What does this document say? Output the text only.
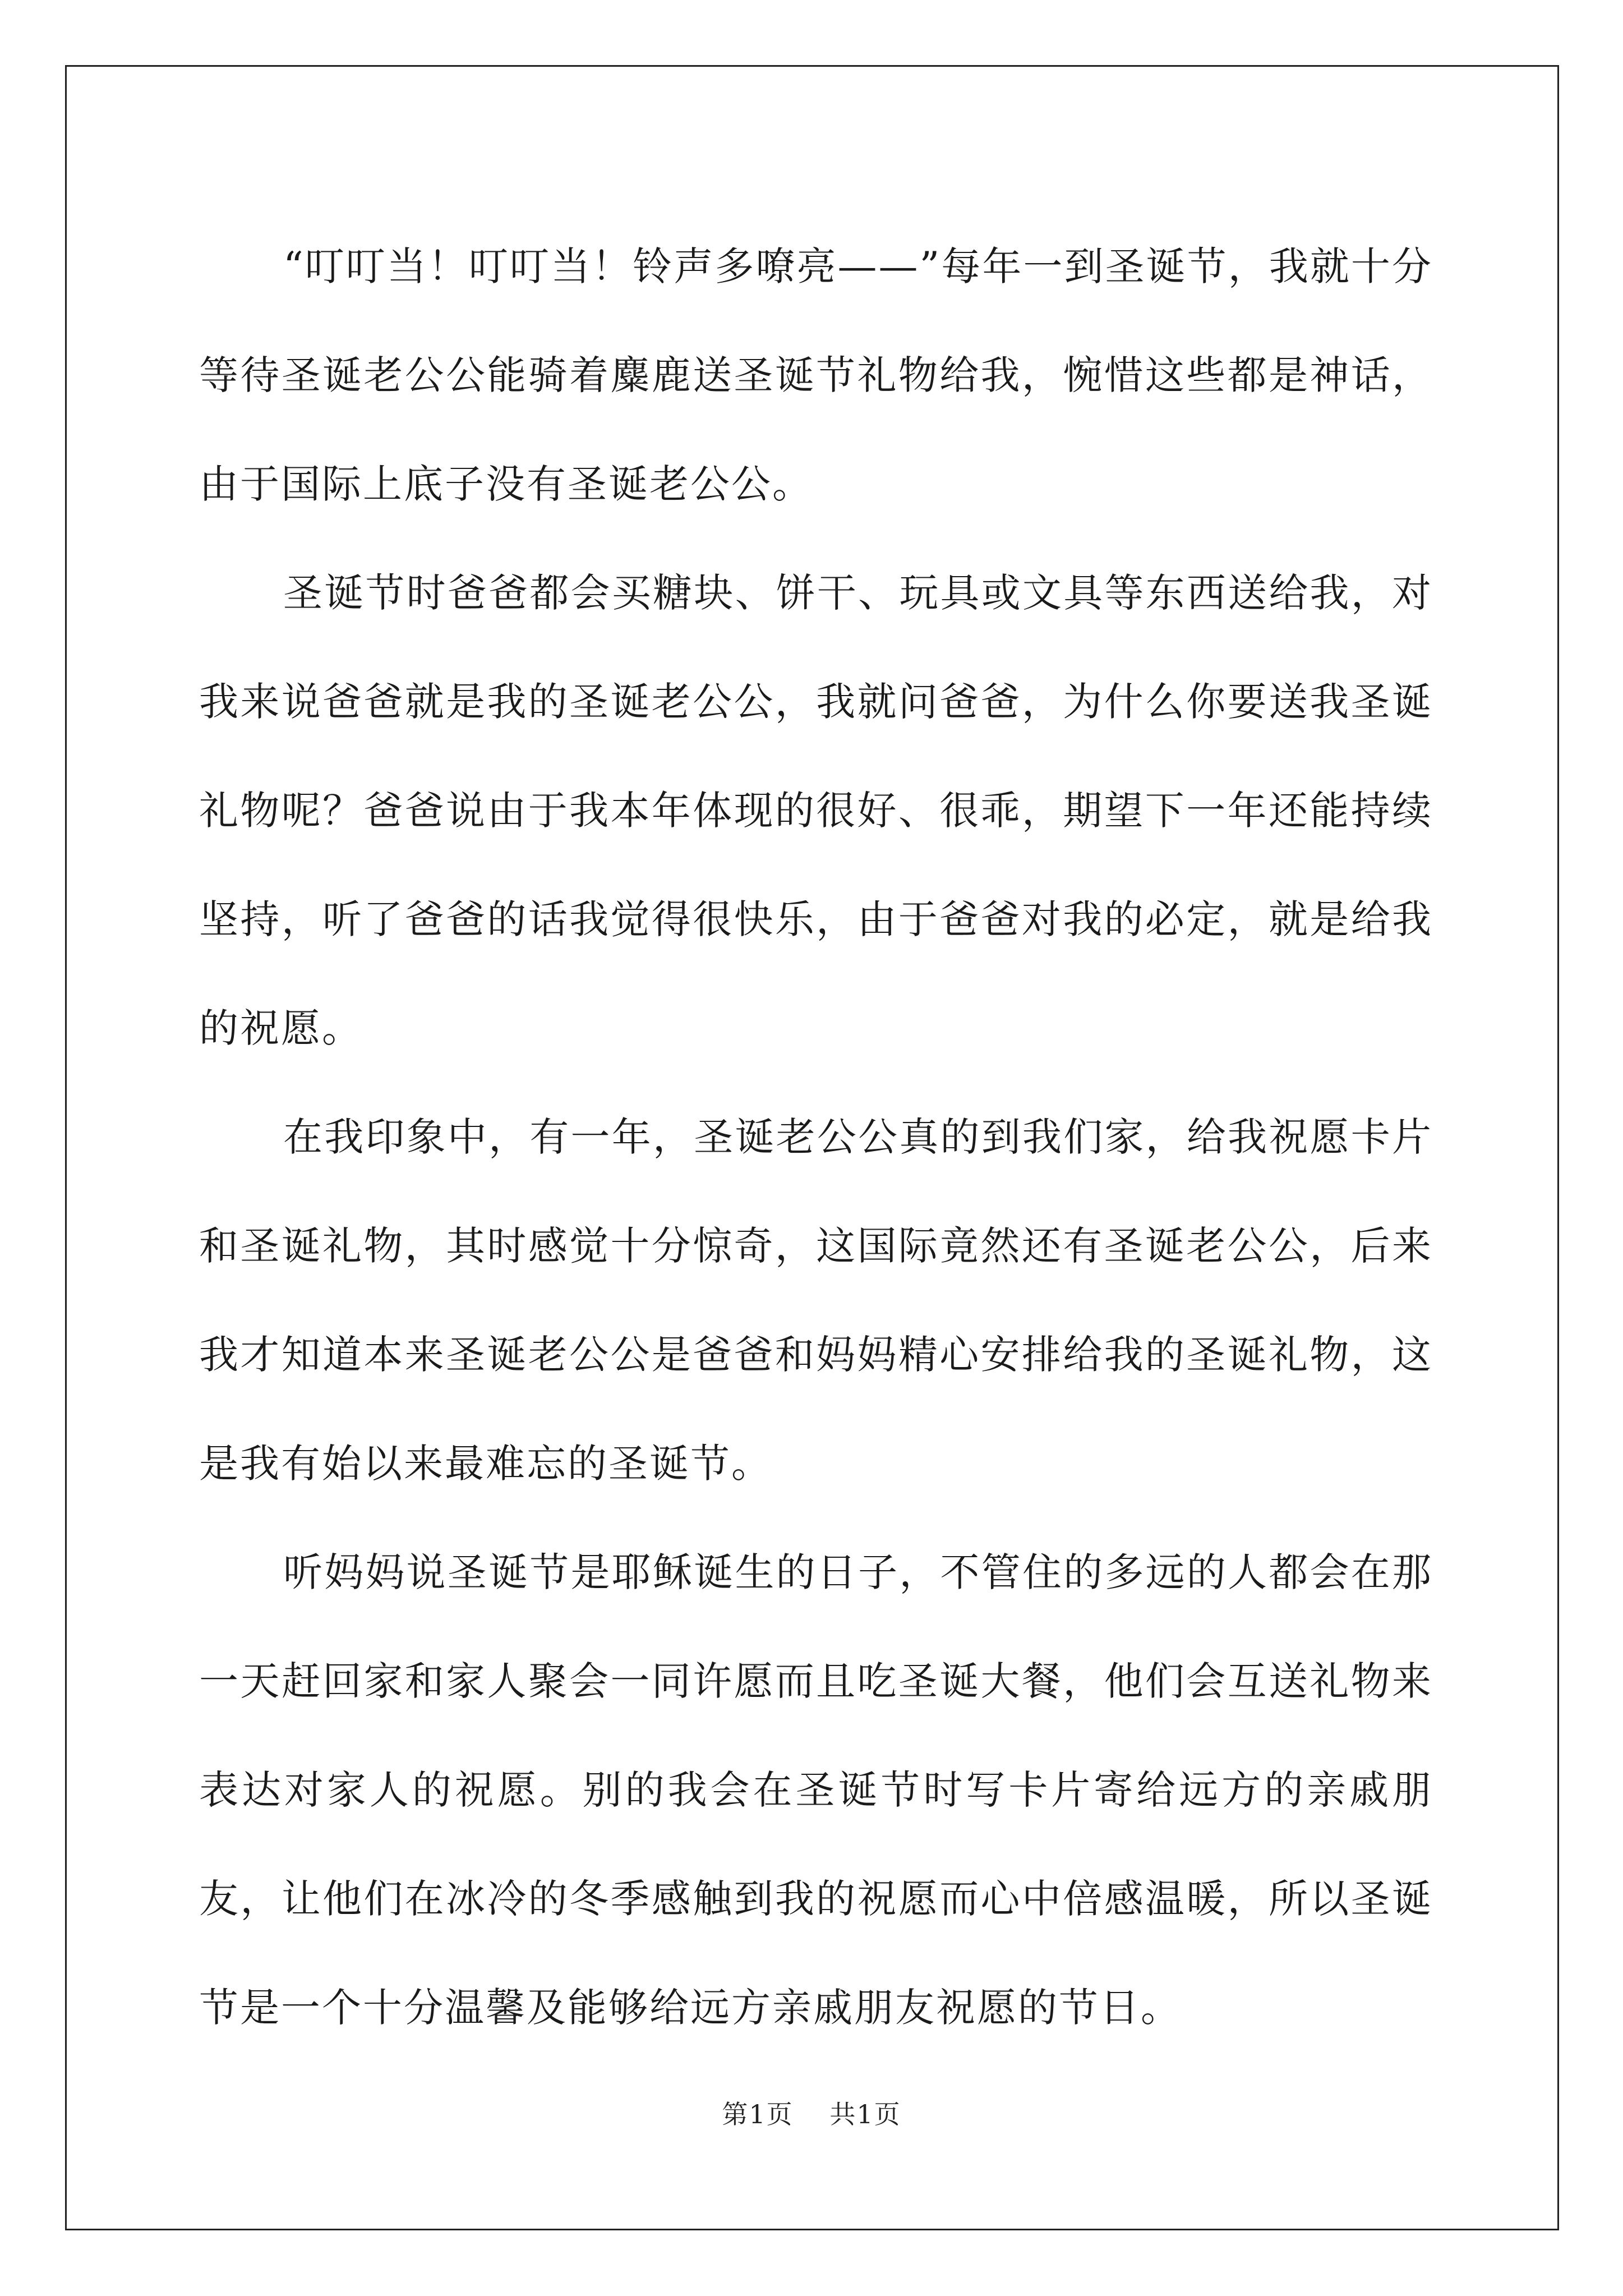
“叮叮当！叮叮当！铃声多嘹亮——”每年一到圣诞节，我就十分等待圣诞老公公能骑着麋鹿送圣诞节礼物给我，惋惜这些都是神话，由于国际上底子没有圣诞老公公。

圣诞节时爸爸都会买糖块、饼干、玩具或文具等东西送给我，对我来说爸爸就是我的圣诞老公公，我就问爸爸，为什么你要送我圣诞礼物呢？爸爸说由于我本年体现的很好、很乖，期望下一年还能持续坚持，听了爸爸的话我觉得很快乐，由于爸爸对我的必定，就是给我的祝愿。

在我印象中，有一年，圣诞老公公真的到我们家，给我祝愿卡片和圣诞礼物，其时感觉十分惊奇，这国际竟然还有圣诞老公公，后来我才知道本来圣诞老公公是爸爸和妈妈精心安排给我的圣诞礼物，这是我有始以来最难忘的圣诞节。

听妈妈说圣诞节是耶稣诞生的日子，不管住的多远的人都会在那一天赶回家和家人聚会一同许愿而且吃圣诞大餐，他们会互送礼物来表达对家人的祝愿。别的我会在圣诞节时写卡片寄给远方的亲戚朋友，让他们在冰冷的冬季感触到我的祝愿而心中倍感温暖，所以圣诞节是一个十分温馨及能够给远方亲戚朋友祝愿的节日。

第1页 共1页
